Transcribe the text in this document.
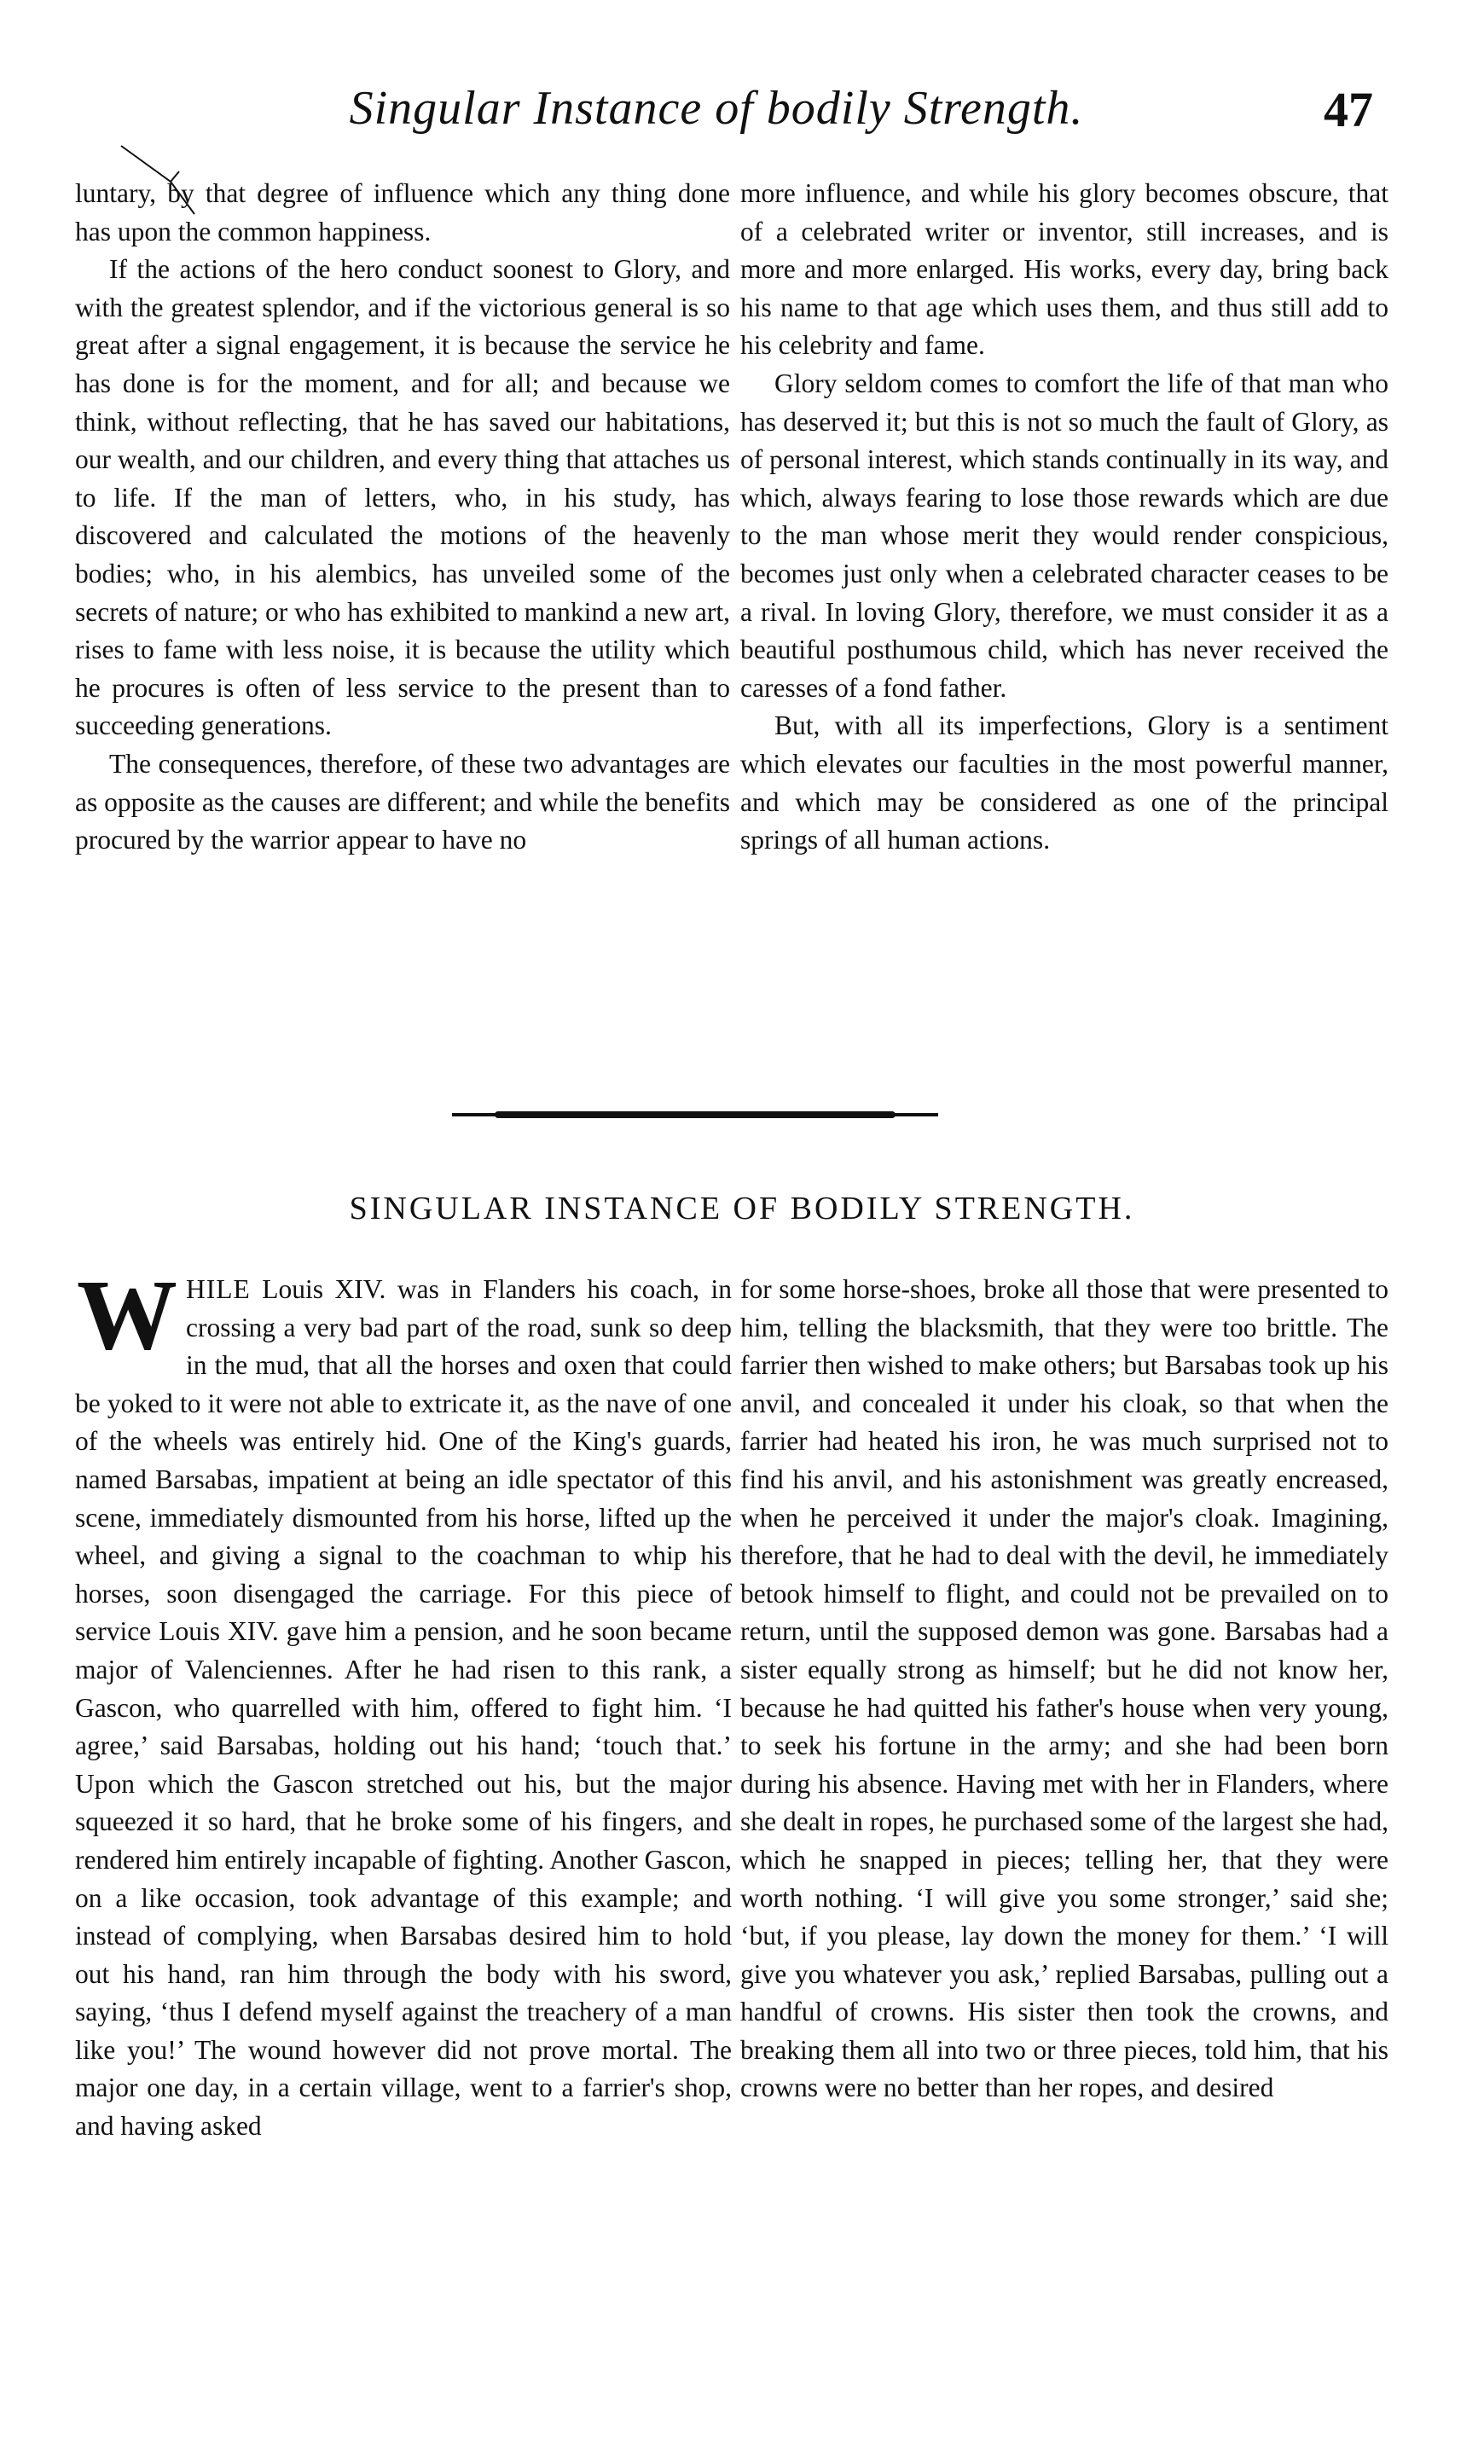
Singular Instance of bodily Strength.	47

luntary, by that degree of influence which any thing done has upon the common happiness.

If the actions of the hero conduct soonest to Glory, and with the greatest splendor, and if the victorious general is so great after a signal engagement, it is because the service he has done is for the moment, and for all; and because we think, without reflecting, that he has saved our habitations, our wealth, and our children, and every thing that attaches us to life. If the man of letters, who, in his study, has discovered and calculated the motions of the heavenly bodies; who, in his alembics, has unveiled some of the secrets of nature; or who has exhibited to mankind a new art, rises to fame with less noise, it is because the utility which he procures is often of less service to the present than to succeeding generations.

The consequences, therefore, of these two advantages are as opposite as the causes are different; and while the benefits procured by the warrior appear to have no

more influence, and while his glory becomes obscure, that of a celebrated writer or inventor, still increases, and is more and more enlarged. His works, every day, bring back his name to that age which uses them, and thus still add to his celebrity and fame.

Glory seldom comes to comfort the life of that man who has deserved it; but this is not so much the fault of Glory, as of personal interest, which stands continually in its way, and which, always fearing to lose those rewards which are due to the man whose merit they would render conspicious, becomes just only when a celebrated character ceases to be a rival. In loving Glory, therefore, we must consider it as a beautiful posthumous child, which has never received the caresses of a fond father.

But, with all its imperfections, Glory is a sentiment which elevates our faculties in the most powerful manner, and which may be considered as one of the principal springs of all human actions.

SINGULAR INSTANCE OF BODILY STRENGTH.

WHILE Louis XIV. was in Flanders his coach, in crossing a very bad part of the road, sunk so deep in the mud, that all the horses and oxen that could be yoked to it were not able to extricate it, as the nave of one of the wheels was entirely hid. One of the King's guards, named Barsabas, impatient at being an idle spectator of this scene, immediately dismounted from his horse, lifted up the wheel, and giving a signal to the coachman to whip his horses, soon disengaged the carriage. For this piece of service Louis XIV. gave him a pension, and he soon became major of Valenciennes. After he had risen to this rank, a Gascon, who quarrelled with him, offered to fight him. ‘I agree,’ said Barsabas, holding out his hand; ‘touch that.’ Upon which the Gascon stretched out his, but the major squeezed it so hard, that he broke some of his fingers, and rendered him entirely incapable of fighting. Another Gascon, on a like occasion, took advantage of this example; and instead of complying, when Barsabas desired him to hold out his hand, ran him through the body with his sword, saying, ‘thus I defend myself against the treachery of a man like you!’ The wound however did not prove mortal. The major one day, in a certain village, went to a farrier's shop, and having asked

for some horse-shoes, broke all those that were presented to him, telling the blacksmith, that they were too brittle. The farrier then wished to make others; but Barsabas took up his anvil, and concealed it under his cloak, so that when the farrier had heated his iron, he was much surprised not to find his anvil, and his astonishment was greatly encreased, when he perceived it under the major's cloak. Imagining, therefore, that he had to deal with the devil, he immediately betook himself to flight, and could not be prevailed on to return, until the supposed demon was gone. Barsabas had a sister equally strong as himself; but he did not know her, because he had quitted his father's house when very young, to seek his fortune in the army; and she had been born during his absence. Having met with her in Flanders, where she dealt in ropes, he purchased some of the largest she had, which he snapped in pieces; telling her, that they were worth nothing. ‘I will give you some stronger,’ said she; ‘but, if you please, lay down the money for them.’ ‘I will give you whatever you ask,’ replied Barsabas, pulling out a handful of crowns. His sister then took the crowns, and breaking them all into two or three pieces, told him, that his crowns were no better than her ropes, and desired
